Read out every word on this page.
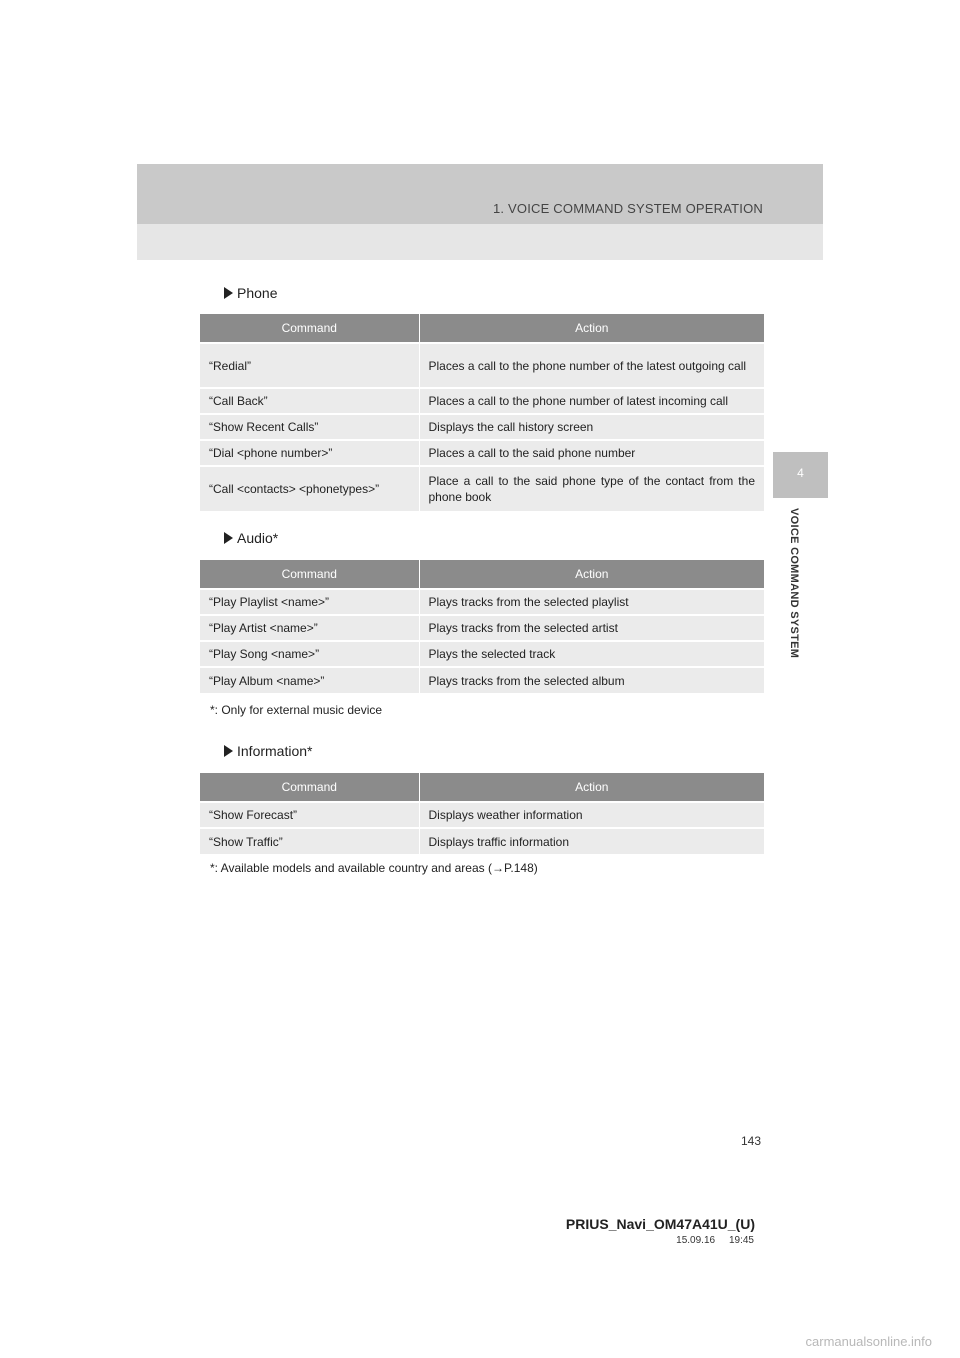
1. VOICE COMMAND SYSTEM OPERATION
4
VOICE COMMAND SYSTEM
Phone
Command	Action
“Redial”	Places a call to the phone number of the latest outgoing call
“Call Back”	Places a call to the phone number of latest incoming call
“Show Recent Calls”	Displays the call history screen
“Dial <phone number>”	Places a call to the said phone number
“Call <contacts> <phonetypes>”	Place a call to the said phone type of the contact from the phone book
Audio*
Command	Action
“Play Playlist <name>”	Plays tracks from the selected playlist
“Play Artist <name>”	Plays tracks from the selected artist
“Play Song <name>”	Plays the selected track
“Play Album <name>”	Plays tracks from the selected album
*: Only for external music device
Information*
Command	Action
“Show Forecast”	Displays weather information
“Show Traffic”	Displays traffic information
*: Available models and available country and areas (→P.148)
143
PRIUS_Navi_OM47A41U_(U)
15.09.16     19:45
carmanualsonline.info
